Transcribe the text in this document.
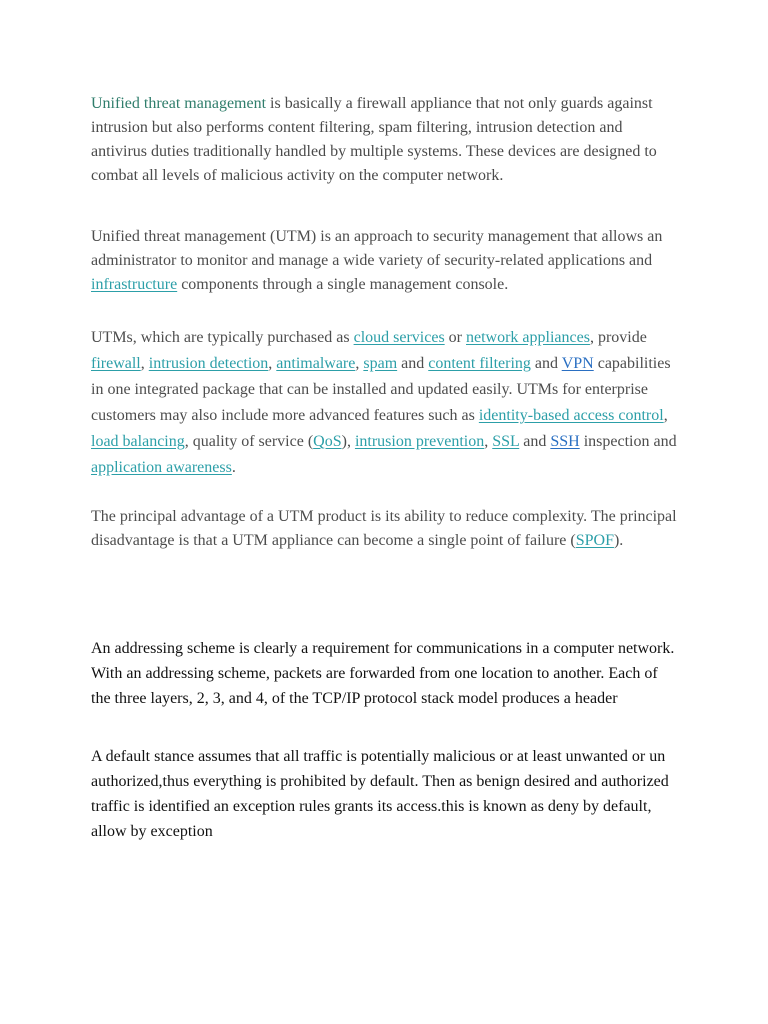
Unified threat management is basically a firewall appliance that not only guards against intrusion but also performs content filtering, spam filtering, intrusion detection and antivirus duties traditionally handled by multiple systems. These devices are designed to combat all levels of malicious activity on the computer network.

Unified threat management (UTM) is an approach to security management that allows an administrator to monitor and manage a wide variety of security-related applications and infrastructure components through a single management console.

UTMs, which are typically purchased as cloud services or network appliances, provide firewall, intrusion detection, antimalware, spam and content filtering and VPN capabilities in one integrated package that can be installed and updated easily. UTMs for enterprise customers may also include more advanced features such as identity-based access control, load balancing, quality of service (QoS), intrusion prevention, SSL and SSH inspection and application awareness.

The principal advantage of a UTM product is its ability to reduce complexity. The principal disadvantage is that a UTM appliance can become a single point of failure (SPOF).

An addressing scheme is clearly a requirement for communications in a computer network. With an addressing scheme, packets are forwarded from one location to another. Each of the three layers, 2, 3, and 4, of the TCP/IP protocol stack model produces a header

A default stance assumes that all traffic is potentially malicious or at least unwanted or un authorized,thus everything is prohibited by default. Then as benign desired and authorized traffic is identified an exception rules grants its access.this is known as deny by default, allow by exception
